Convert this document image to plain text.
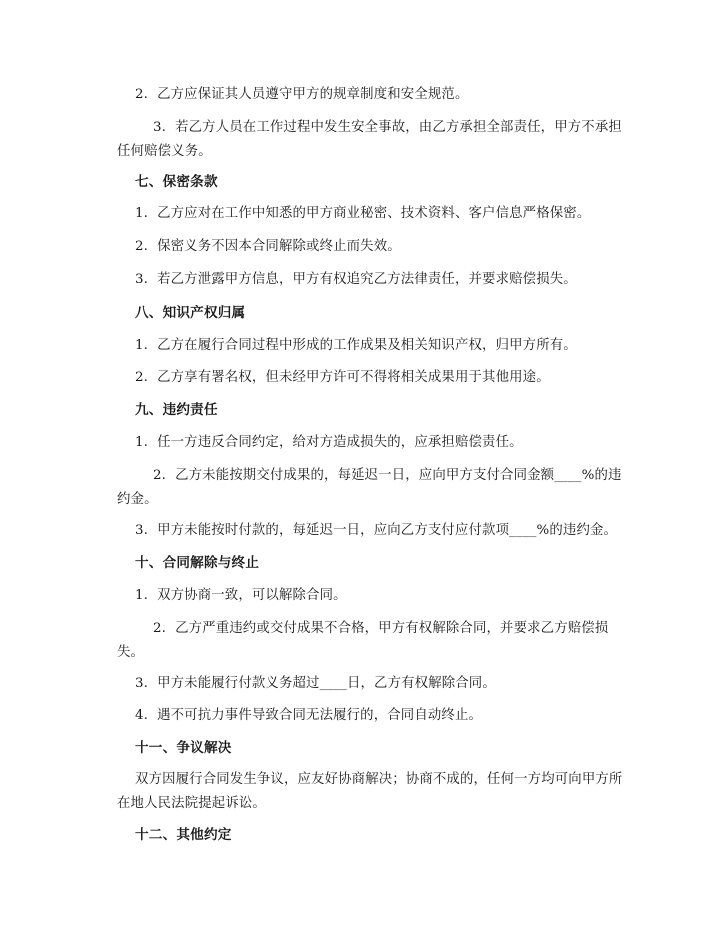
2. 乙方应保证其人员遵守甲方的规章制度和安全规范。
3. 若乙方人员在工作过程中发生安全事故，由乙方承担全部责任，甲方不承担任何赔偿义务。
七、保密条款
1. 乙方应对在工作中知悉的甲方商业秘密、技术资料、客户信息严格保密。
2. 保密义务不因本合同解除或终止而失效。
3. 若乙方泄露甲方信息，甲方有权追究乙方法律责任，并要求赔偿损失。
八、知识产权归属
1. 乙方在履行合同过程中形成的工作成果及相关知识产权，归甲方所有。
2. 乙方享有署名权，但未经甲方许可不得将相关成果用于其他用途。
九、违约责任
1. 任一方违反合同约定，给对方造成损失的，应承担赔偿责任。
2. 乙方未能按期交付成果的，每延迟一日，应向甲方支付合同金额____%的违约金。
3. 甲方未能按时付款的，每延迟一日，应向乙方支付应付款项____%的违约金。
十、合同解除与终止
1. 双方协商一致，可以解除合同。
2. 乙方严重违约或交付成果不合格，甲方有权解除合同，并要求乙方赔偿损失。
3. 甲方未能履行付款义务超过____日，乙方有权解除合同。
4. 遇不可抗力事件导致合同无法履行的，合同自动终止。
十一、争议解决
双方因履行合同发生争议，应友好协商解决；协商不成的，任何一方均可向甲方所在地人民法院提起诉讼。
十二、其他约定
